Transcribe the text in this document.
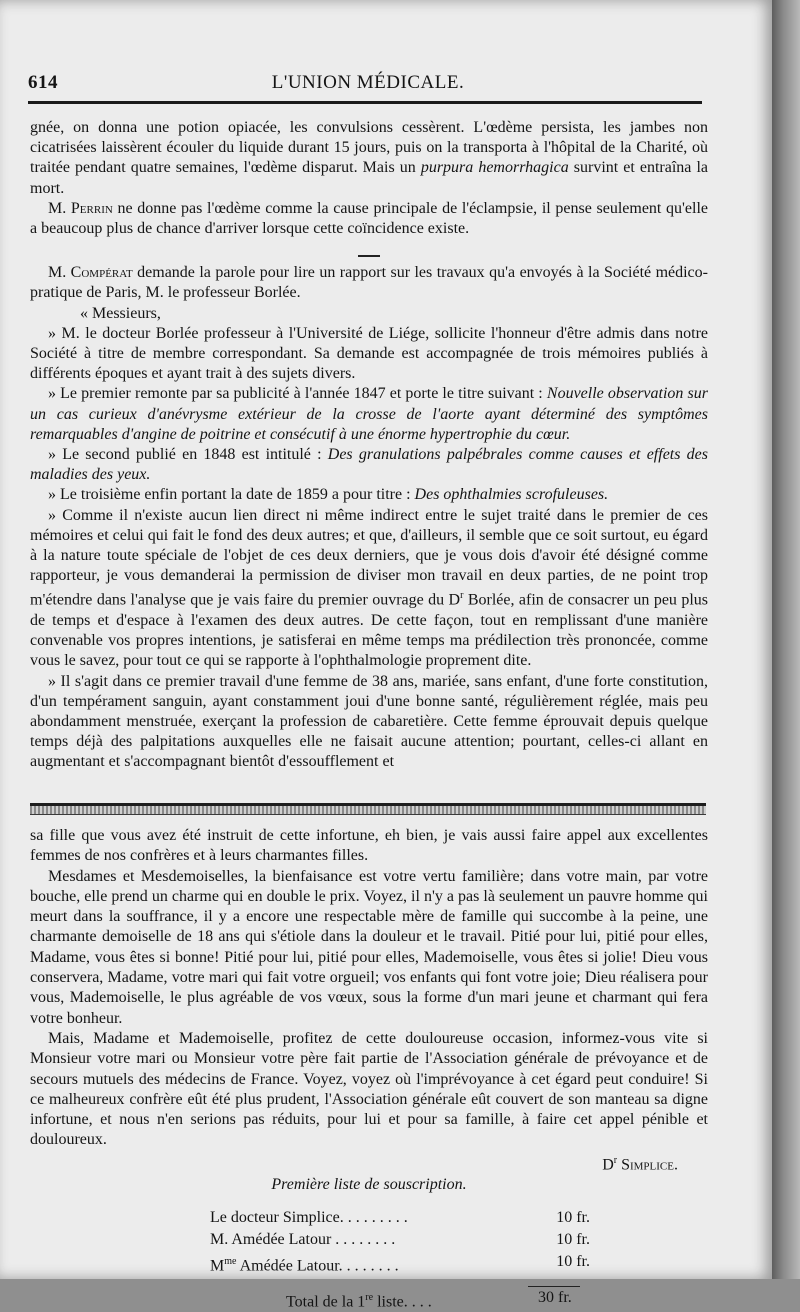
614	L'UNION MÉDICALE.

gnée, on donna une potion opiacée, les convulsions cessèrent. L'œdème persista, les jambes non cicatrisées laissèrent écouler du liquide durant 15 jours, puis on la transporta à l'hôpital de la Charité, où traitée pendant quatre semaines, l'œdème disparut. Mais un purpura hemorrhagica survint et entraîna la mort.

M. Perrin ne donne pas l'œdème comme la cause principale de l'éclampsie, il pense seulement qu'elle a beaucoup plus de chance d'arriver lorsque cette coïncidence existe.

M. Compérat demande la parole pour lire un rapport sur les travaux qu'a envoyés à la Société médico-pratique de Paris, M. le professeur Borlée.

« Messieurs,

» M. le docteur Borlée professeur à l'Université de Liége, sollicite l'honneur d'être admis dans notre Société à titre de membre correspondant. Sa demande est accompagnée de trois mémoires publiés à différents époques et ayant trait à des sujets divers.

» Le premier remonte par sa publicité à l'année 1847 et porte le titre suivant : Nouvelle observation sur un cas curieux d'anévrysme extérieur de la crosse de l'aorte ayant déterminé des symptômes remarquables d'angine de poitrine et consécutif à une énorme hypertrophie du cœur.

» Le second publié en 1848 est intitulé : Des granulations palpébrales comme causes et effets des maladies des yeux.

» Le troisième enfin portant la date de 1859 a pour titre : Des ophthalmies scrofuleuses.

» Comme il n'existe aucun lien direct ni même indirect entre le sujet traité dans le premier de ces mémoires et celui qui fait le fond des deux autres; et que, d'ailleurs, il semble que ce soit surtout, eu égard à la nature toute spéciale de l'objet de ces deux derniers, que je vous dois d'avoir été désigné comme rapporteur, je vous demanderai la permission de diviser mon travail en deux parties, de ne point trop m'étendre dans l'analyse que je vais faire du premier ouvrage du $D^r$ Borlée, afin de consacrer un peu plus de temps et d'espace à l'examen des deux autres. De cette façon, tout en remplissant d'une manière convenable vos propres intentions, je satisferai en même temps ma prédilection très prononcée, comme vous le savez, pour tout ce qui se rapporte à l'ophthalmologie proprement dite.

» Il s'agit dans ce premier travail d'une femme de 38 ans, mariée, sans enfant, d'une forte constitution, d'un tempérament sanguin, ayant constamment joui d'une bonne santé, régulièrement réglée, mais peu abondamment menstruée, exerçant la profession de cabaretière. Cette femme éprouvait depuis quelque temps déjà des palpitations auxquelles elle ne faisait aucune attention; pourtant, celles-ci allant en augmentant et s'accompagnant bientôt d'essoufflement et

sa fille que vous avez été instruit de cette infortune, eh bien, je vais aussi faire appel aux excellentes femmes de nos confrères et à leurs charmantes filles.

Mesdames et Mesdemoiselles, la bienfaisance est votre vertu familière; dans votre main, par votre bouche, elle prend un charme qui en double le prix. Voyez, il n'y a pas là seulement un pauvre homme qui meurt dans la souffrance, il y a encore une respectable mère de famille qui succombe à la peine, une charmante demoiselle de 18 ans qui s'étiole dans la douleur et le travail. Pitié pour lui, pitié pour elles, Madame, vous êtes si bonne! Pitié pour lui, pitié pour elles, Mademoiselle, vous êtes si jolie! Dieu vous conservera, Madame, votre mari qui fait votre orgueil; vos enfants qui font votre joie; Dieu réalisera pour vous, Mademoiselle, le plus agréable de vos vœux, sous la forme d'un mari jeune et charmant qui fera votre bonheur.

Mais, Madame et Mademoiselle, profitez de cette douloureuse occasion, informez-vous vite si Monsieur votre mari ou Monsieur votre père fait partie de l'Association générale de prévoyance et de secours mutuels des médecins de France. Voyez, voyez où l'imprévoyance à cet égard peut conduire! Si ce malheureux confrère eût été plus prudent, l'Association générale eût couvert de son manteau sa digne infortune, et nous n'en serions pas réduits, pour lui et pour sa famille, à faire cet appel pénible et douloureux.

$D^r$ Simplice.

Première liste de souscription.

Le docteur Simplice. . . . . . . . .	10 fr.
M. Amédée Latour . . . . . . . .	10 fr.
$M^{me}$ Amédée Latour. . . . . . . .	10 fr.
Total de la 1re liste. . . .	30 fr.
